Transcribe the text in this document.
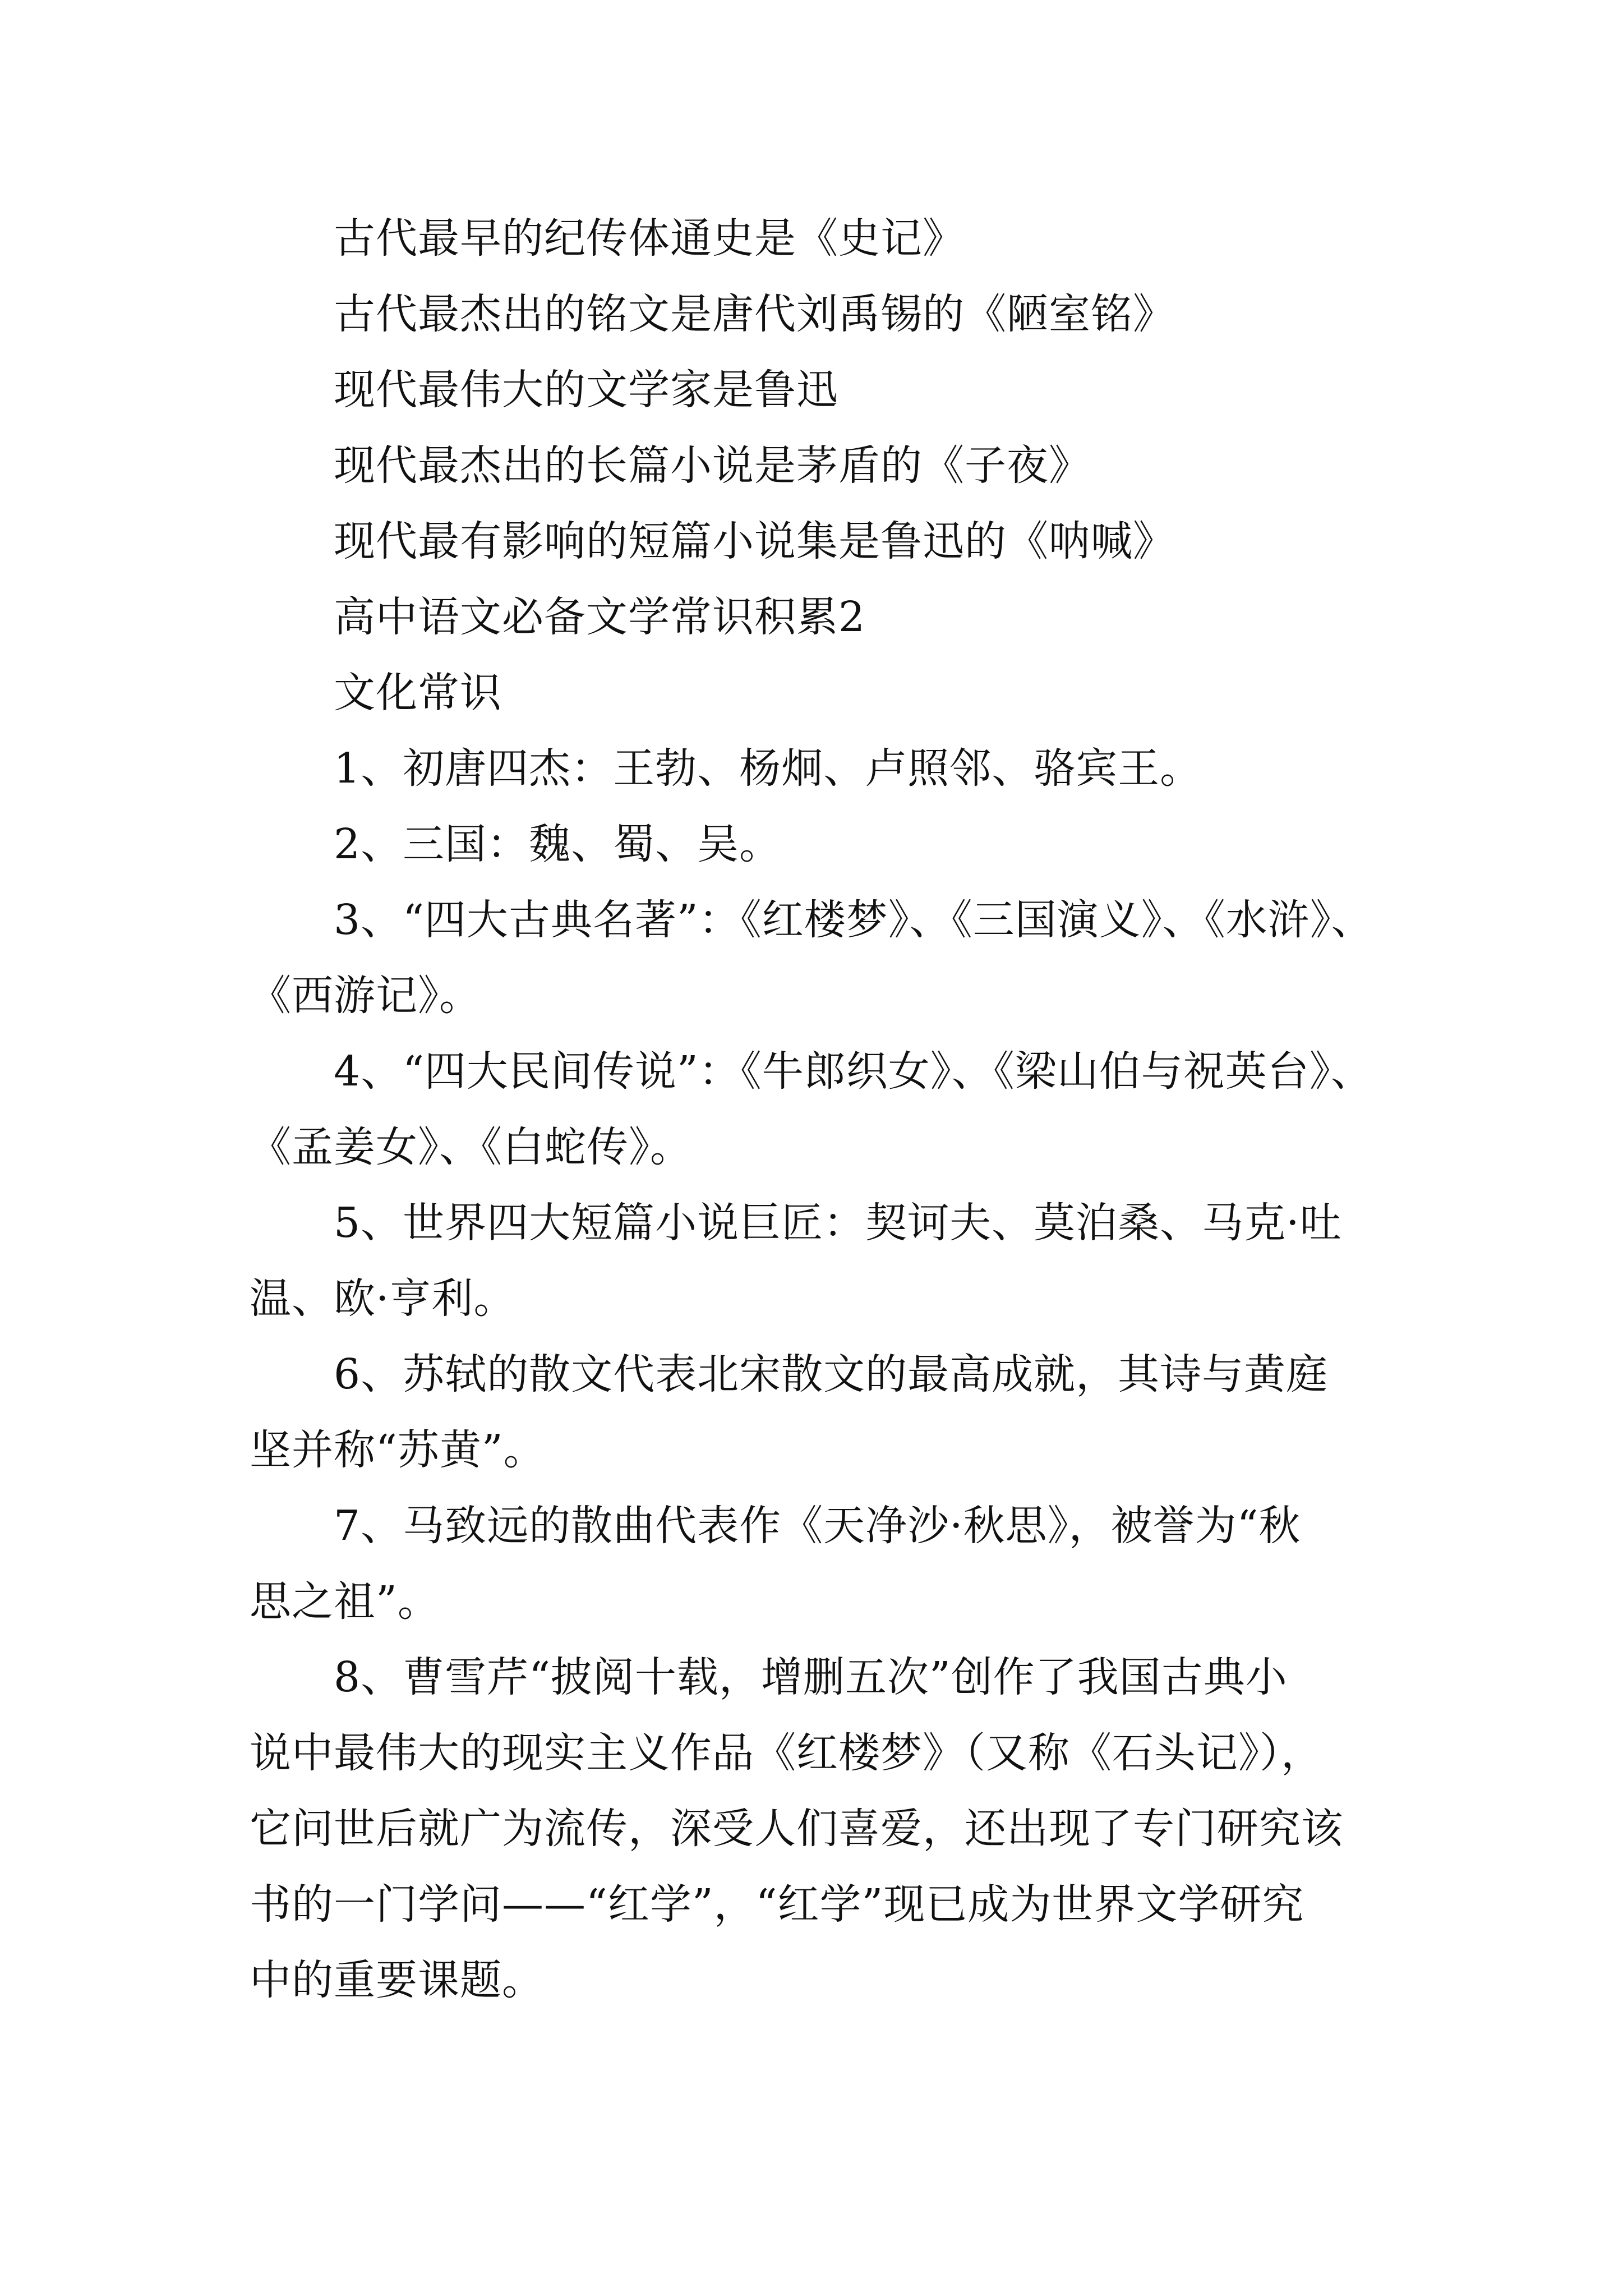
古代最早的纪传体通史是《史记》
古代最杰出的铭文是唐代刘禹锡的《陋室铭》
现代最伟大的文学家是鲁迅
现代最杰出的长篇小说是茅盾的《子夜》
现代最有影响的短篇小说集是鲁迅的《呐喊》
高中语文必备文学常识积累2
文化常识
1、初唐四杰：王勃、杨炯、卢照邻、骆宾王。
2、三国：魏、蜀、吴。
3、“四大古典名著”：《红楼梦》、《三国演义》、《水浒》、
《西游记》。
4、“四大民间传说”：《牛郎织女》、《梁山伯与祝英台》、
《孟姜女》、《白蛇传》。
5、世界四大短篇小说巨匠：契诃夫、莫泊桑、马克·吐
温、欧·亨利。
6、苏轼的散文代表北宋散文的最高成就，其诗与黄庭
坚并称“苏黄”。
7、马致远的散曲代表作《天净沙·秋思》，被誉为“秋
思之祖”。
8、曹雪芹“披阅十载，增删五次”创作了我国古典小
说中最伟大的现实主义作品《红楼梦》（又称《石头记》），
它问世后就广为流传，深受人们喜爱，还出现了专门研究该
书的一门学问——“红学”，“红学”现已成为世界文学研究
中的重要课题。
